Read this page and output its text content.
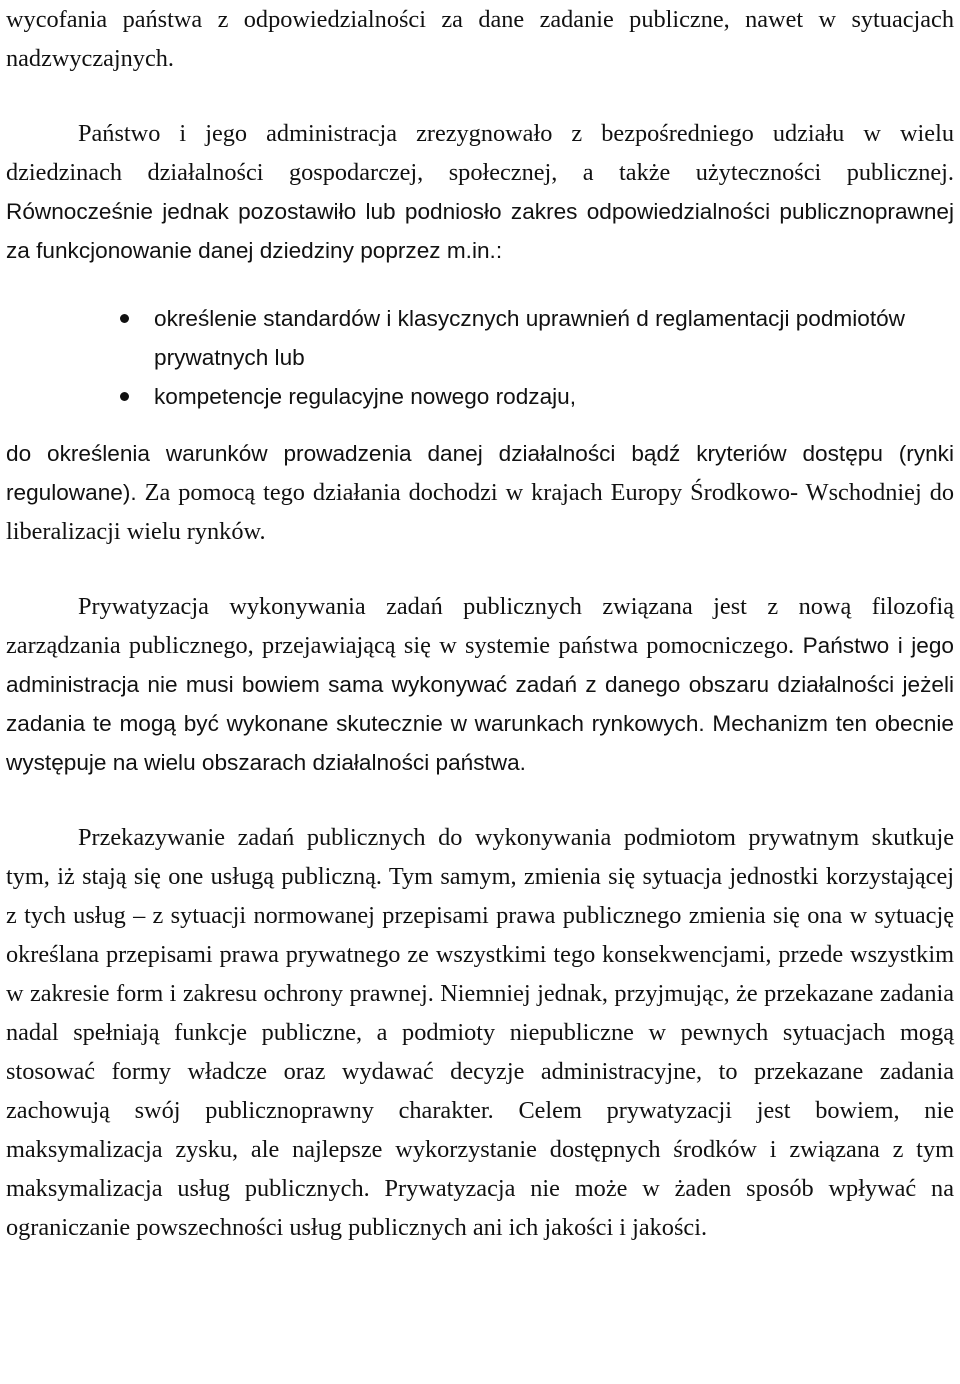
wycofania państwa z odpowiedzialności za dane zadanie publiczne, nawet w sytuacjach nadzwyczajnych.

Państwo i jego administracja zrezygnowało z bezpośredniego udziału w wielu dziedzinach działalności gospodarczej, społecznej, a także użyteczności publicznej. Równocześnie jednak pozostawiło lub podniosło zakres odpowiedzialności publicznoprawnej za funkcjonowanie danej dziedziny poprzez m.in.:

określenie standardów i klasycznych uprawnień d reglamentacji podmiotów prywatnych lub
kompetencje regulacyjne nowego rodzaju,

do określenia warunków prowadzenia danej działalności bądź kryteriów dostępu (rynki regulowane). Za pomocą tego działania dochodzi w krajach Europy Środkowo- Wschodniej do liberalizacji wielu rynków.

Prywatyzacja wykonywania zadań publicznych związana jest z nową filozofią zarządzania publicznego, przejawiającą się w systemie państwa pomocniczego. Państwo i jego administracja nie musi bowiem sama wykonywać zadań z danego obszaru działalności jeżeli zadania te mogą być wykonane skutecznie w warunkach rynkowych. Mechanizm ten obecnie występuje na wielu obszarach działalności państwa.

Przekazywanie zadań publicznych do wykonywania podmiotom prywatnym skutkuje tym, iż stają się one usługą publiczną. Tym samym, zmienia się sytuacja jednostki korzystającej z tych usług – z sytuacji normowanej przepisami prawa publicznego zmienia się ona w sytuację określana przepisami prawa prywatnego ze wszystkimi tego konsekwencjami, przede wszystkim w zakresie form i zakresu ochrony prawnej. Niemniej jednak, przyjmując, że przekazane zadania nadal spełniają funkcje publiczne, a podmioty niepubliczne w pewnych sytuacjach mogą stosować formy władcze oraz wydawać decyzje administracyjne, to przekazane zadania zachowują swój publicznoprawny charakter. Celem prywatyzacji jest bowiem, nie maksymalizacja zysku, ale najlepsze wykorzystanie dostępnych środków i związana z tym maksymalizacja usług publicznych. Prywatyzacja nie może w żaden sposób wpływać na ograniczanie powszechności usług publicznych ani ich jakości i jakości.
